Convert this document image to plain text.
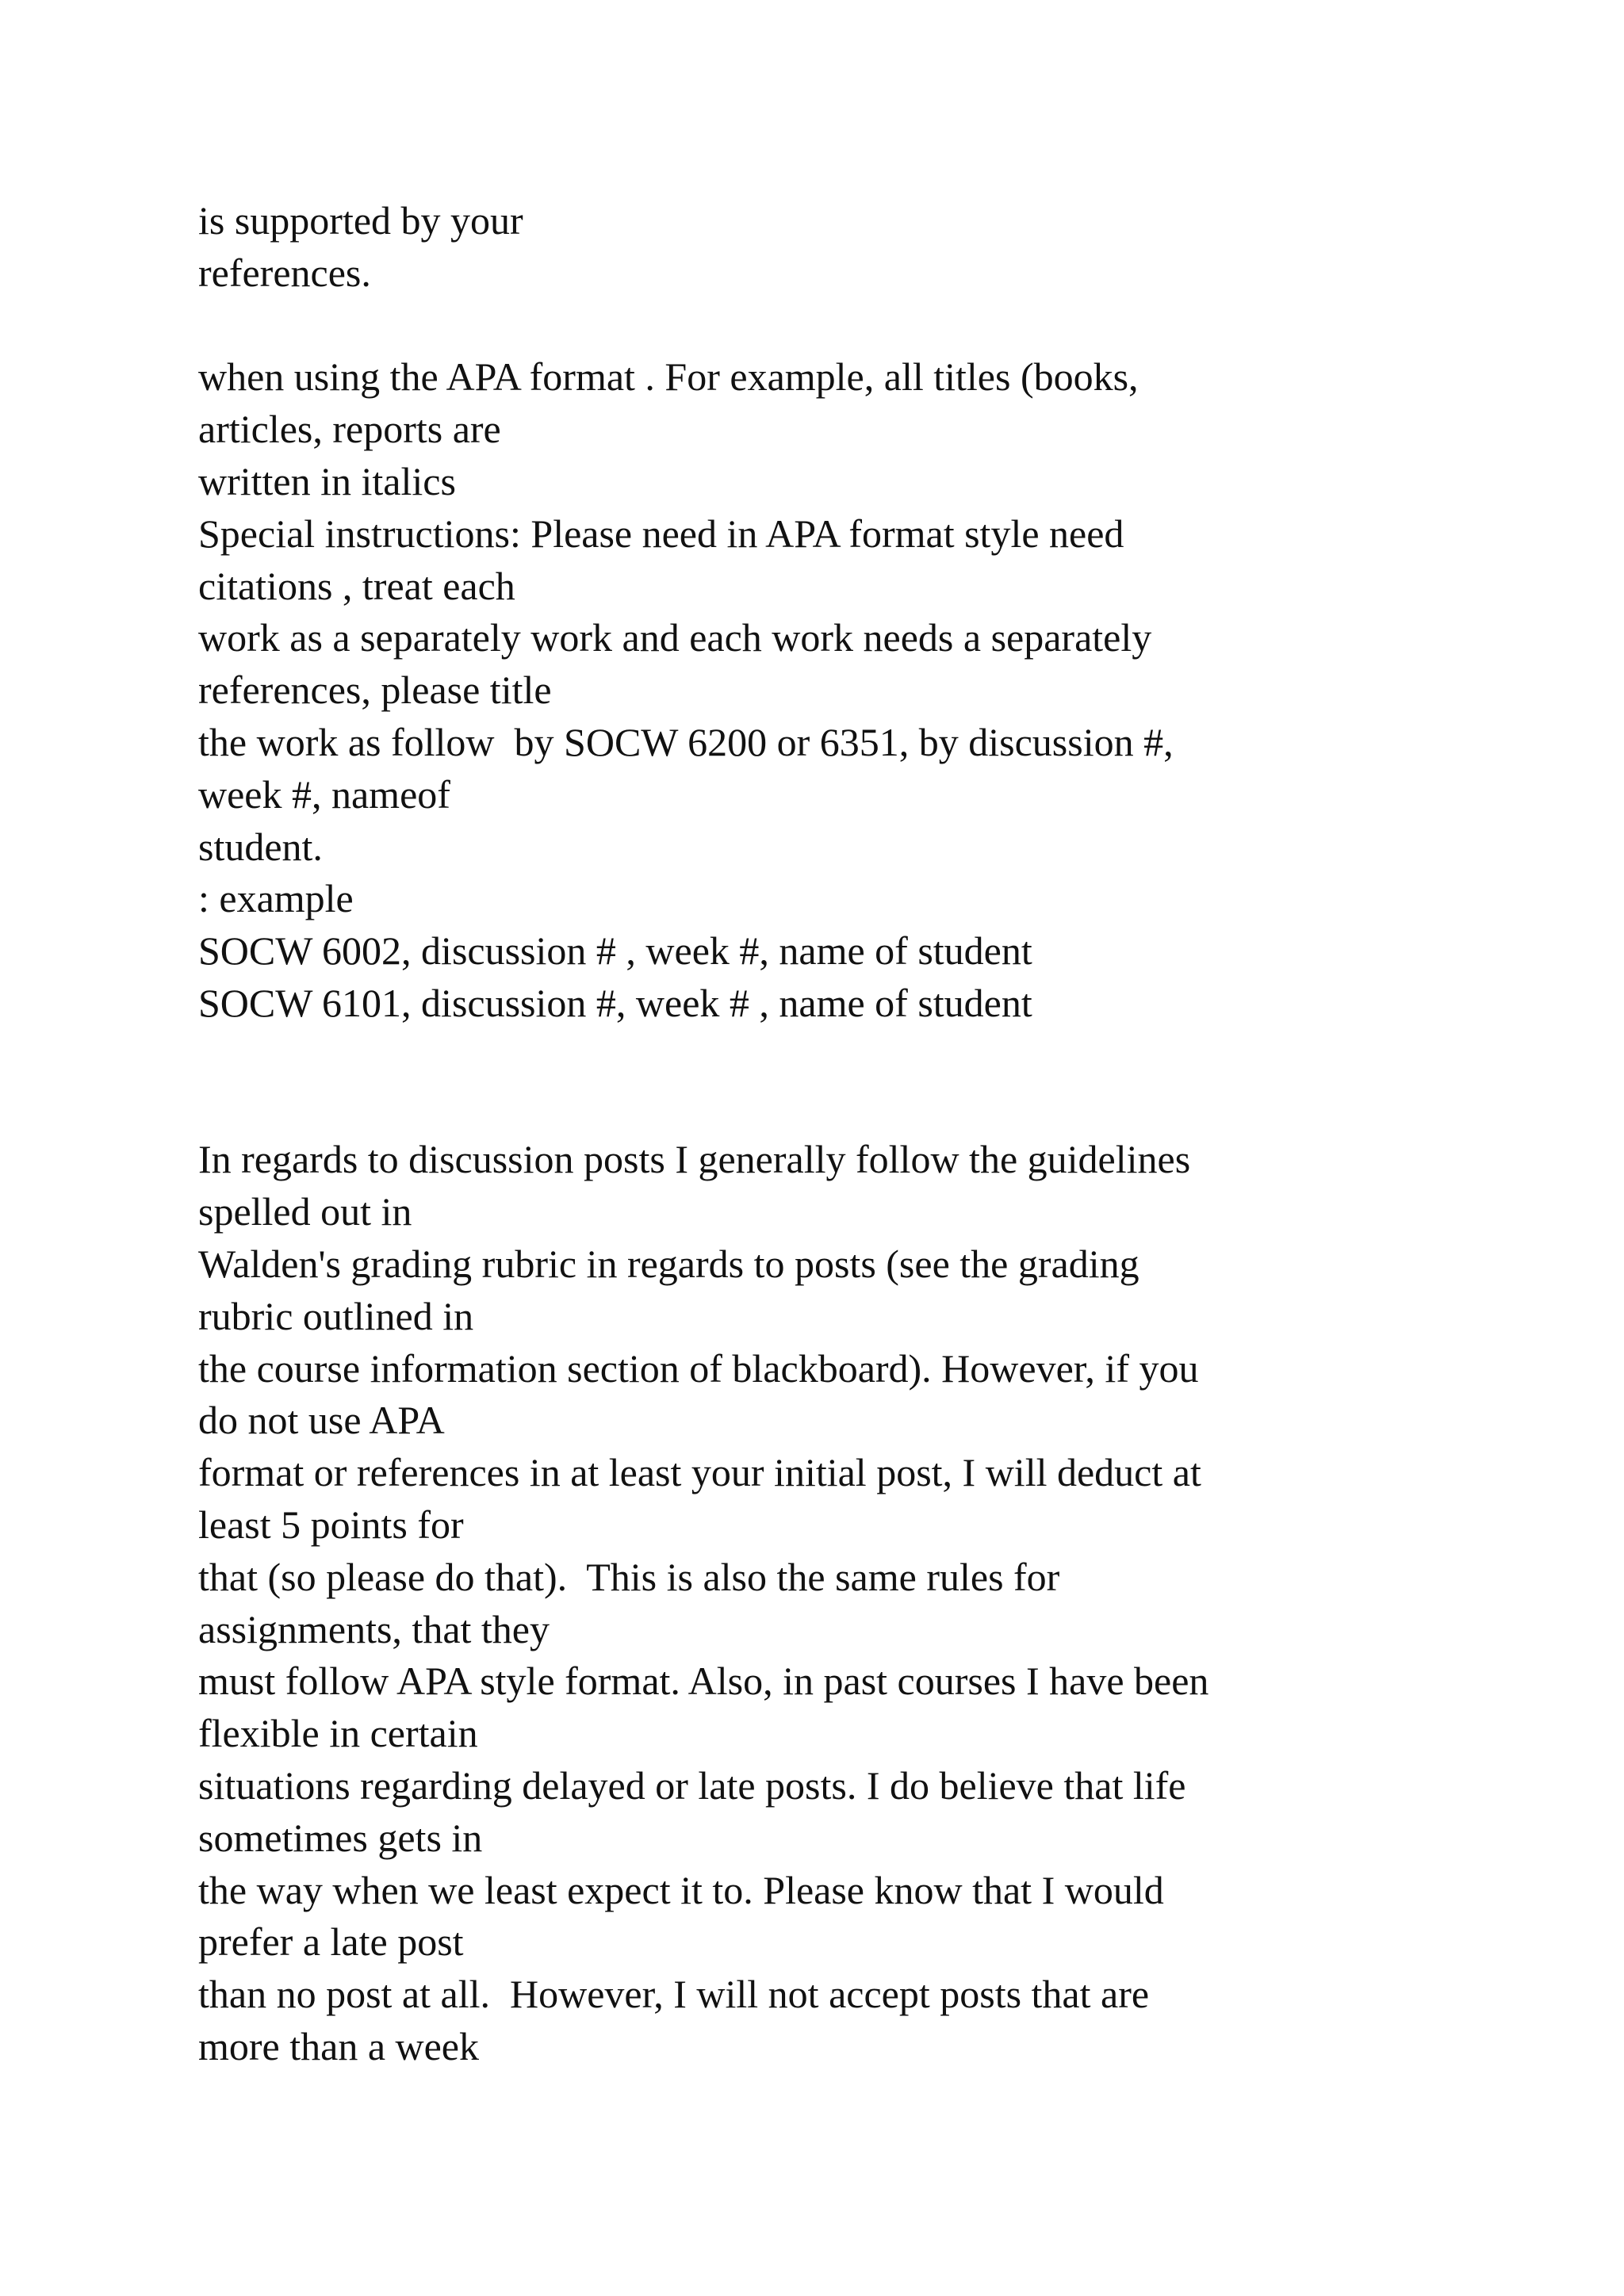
is supported by your
references.
when using the APA format . For example, all titles (books,
articles, reports are
written in italics
Special instructions: Please need in APA format style need
citations , treat each
work as a separately work and each work needs a separately
references, please title
the work as follow  by SOCW 6200 or 6351, by discussion #,
week #, nameof
student.
: example
SOCW 6002, discussion # , week #, name of student
SOCW 6101, discussion #, week # , name of student
In regards to discussion posts I generally follow the guidelines
spelled out in
Walden's grading rubric in regards to posts (see the grading
rubric outlined in
the course information section of blackboard). However, if you
do not use APA
format or references in at least your initial post, I will deduct at
least 5 points for
that (so please do that).  This is also the same rules for
assignments, that they
must follow APA style format. Also, in past courses I have been
flexible in certain
situations regarding delayed or late posts. I do believe that life
sometimes gets in
the way when we least expect it to. Please know that I would
prefer a late post
than no post at all.  However, I will not accept posts that are
more than a week
